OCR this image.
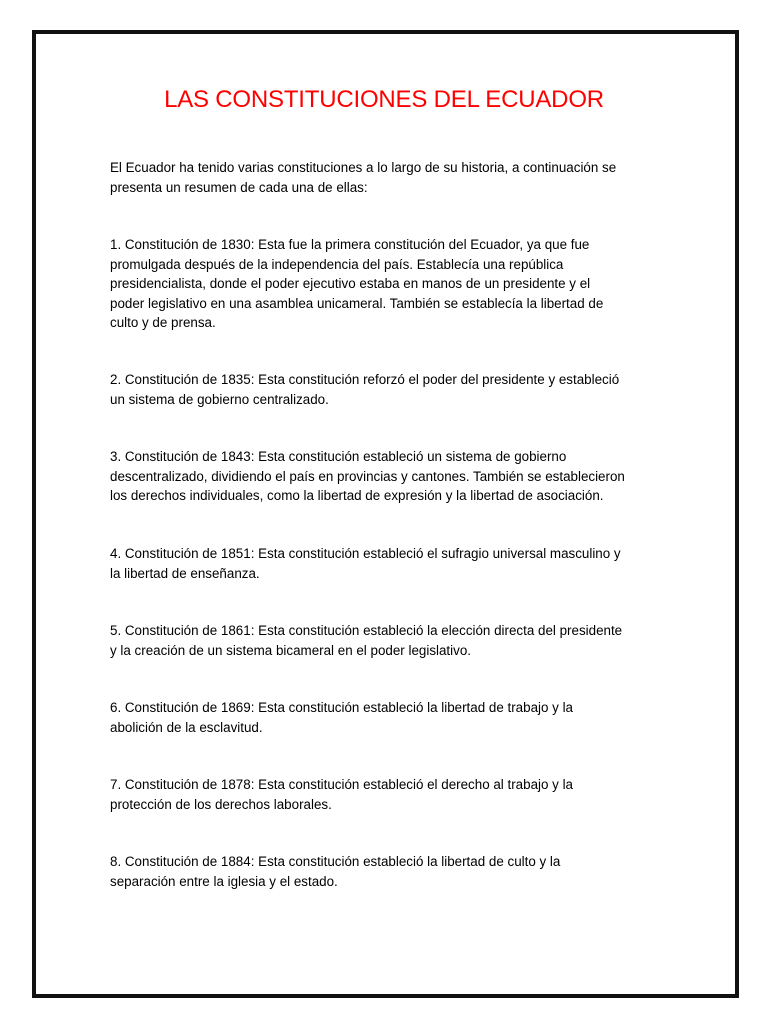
LAS CONSTITUCIONES DEL ECUADOR

El Ecuador ha tenido varias constituciones a lo largo de su historia, a continuación se
presenta un resumen de cada una de ellas:

1. Constitución de 1830: Esta fue la primera constitución del Ecuador, ya que fue
promulgada después de la independencia del país. Establecía una república
presidencialista, donde el poder ejecutivo estaba en manos de un presidente y el
poder legislativo en una asamblea unicameral. También se establecía la libertad de
culto y de prensa.

2. Constitución de 1835: Esta constitución reforzó el poder del presidente y estableció
un sistema de gobierno centralizado.

3. Constitución de 1843: Esta constitución estableció un sistema de gobierno
descentralizado, dividiendo el país en provincias y cantones. También se establecieron
los derechos individuales, como la libertad de expresión y la libertad de asociación.

4. Constitución de 1851: Esta constitución estableció el sufragio universal masculino y
la libertad de enseñanza.

5. Constitución de 1861: Esta constitución estableció la elección directa del presidente
y la creación de un sistema bicameral en el poder legislativo.

6. Constitución de 1869: Esta constitución estableció la libertad de trabajo y la
abolición de la esclavitud.

7. Constitución de 1878: Esta constitución estableció el derecho al trabajo y la
protección de los derechos laborales.

8. Constitución de 1884: Esta constitución estableció la libertad de culto y la
separación entre la iglesia y el estado.
